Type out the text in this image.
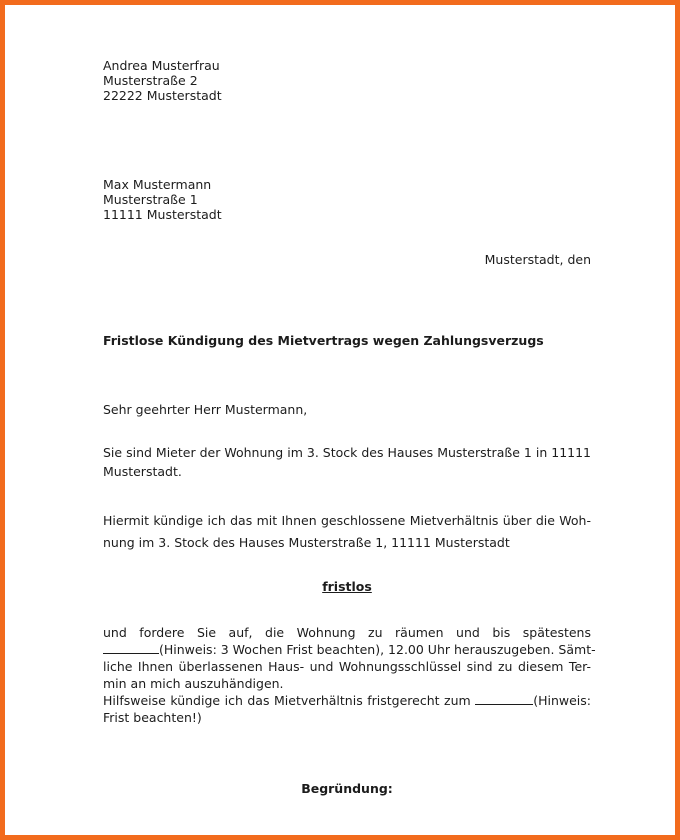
Andrea Musterfrau
Musterstraße 2
22222 Musterstadt
Max Mustermann
Musterstraße 1
11111 Musterstadt
Musterstadt, den
Fristlose Kündigung des Mietvertrags wegen Zahlungsverzugs
Sehr geehrter Herr Mustermann,
Sie sind Mieter der Wohnung im 3. Stock des Hauses Musterstraße 1 in 11111
Musterstadt.
Hiermit kündige ich das mit Ihnen geschlossene Mietverhältnis über die Woh-
nung im 3. Stock des Hauses Musterstraße 1, 11111 Musterstadt
fristlos
und fordere Sie auf, die Wohnung zu räumen und bis spätestens
(Hinweis: 3 Wochen Frist beachten), 12.00 Uhr herauszugeben. Sämt-
liche Ihnen überlassenen Haus- und Wohnungsschlüssel sind zu diesem Ter-
min an mich auszuhändigen.
Hilfsweise kündige ich das Mietverhältnis fristgerecht zum	(Hinweis:
Frist beachten!)
Begründung:
